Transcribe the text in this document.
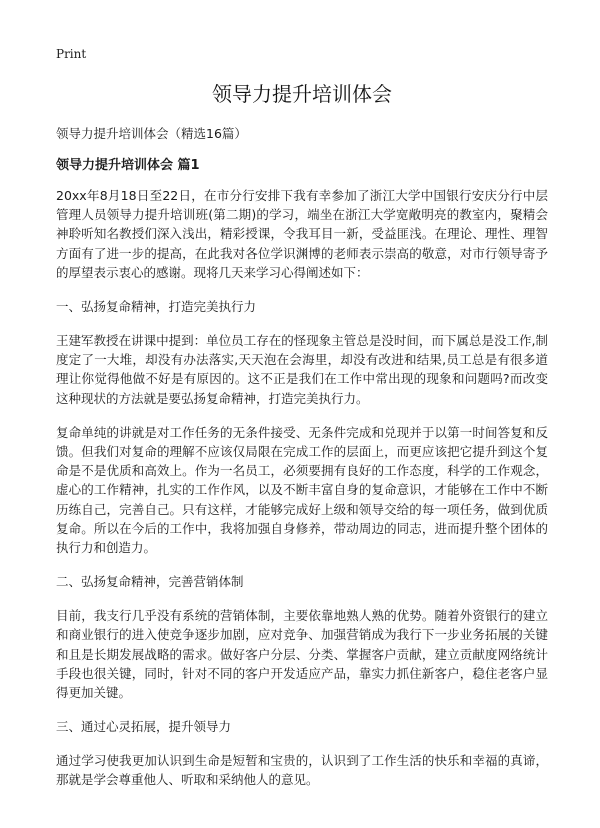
Print
领导力提升培训体会
领导力提升培训体会（精选16篇）
领导力提升培训体会 篇1

20xx年8月18日至22日，在市分行安排下我有幸参加了浙江大学中国银行安庆分行中层管理人员领导力提升培训班(第二期)的学习，端坐在浙江大学宽敞明亮的教室内，聚精会神聆听知名教授们深入浅出，精彩授课，令我耳目一新，受益匪浅。在理论、理性、理智方面有了进一步的提高，在此我对各位学识渊博的老师表示崇高的敬意，对市行领导寄予的厚望表示衷心的感谢。现将几天来学习心得阐述如下：

一、弘扬复命精神，打造完美执行力

王建军教授在讲课中提到：单位员工存在的怪现象主管总是没时间，而下属总是没工作,制度定了一大堆，却没有办法落实,天天泡在会海里，却没有改进和结果,员工总是有很多道理让你觉得他做不好是有原因的。这不正是我们在工作中常出现的现象和问题吗?而改变这种现状的方法就是要弘扬复命精神，打造完美执行力。

复命单纯的讲就是对工作任务的无条件接受、无条件完成和兑现并于以第一时间答复和反馈。但我们对复命的理解不应该仅局限在完成工作的层面上，而更应该把它提升到这个复命是不是优质和高效上。作为一名员工，必须要拥有良好的工作态度，科学的工作观念，虚心的工作精神，扎实的工作作风，以及不断丰富自身的复命意识，才能够在工作中不断历练自己，完善自己。只有这样，才能够完成好上级和领导交给的每一项任务，做到优质复命。所以在今后的工作中，我将加强自身修养，带动周边的同志，进而提升整个团体的执行力和创造力。

二、弘扬复命精神，完善营销体制

目前，我支行几乎没有系统的营销体制，主要依靠地熟人熟的优势。随着外资银行的建立和商业银行的进入使竞争逐步加剧，应对竞争、加强营销成为我行下一步业务拓展的关键和且是长期发展战略的需求。做好客户分层、分类、掌握客户贡献，建立贡献度网络统计手段也很关键，同时，针对不同的客户开发适应产品，靠实力抓住新客户，稳住老客户显得更加关键。

三、通过心灵拓展，提升领导力

通过学习使我更加认识到生命是短暂和宝贵的，认识到了工作生活的快乐和幸福的真谛，那就是学会尊重他人、听取和采纳他人的意见。
